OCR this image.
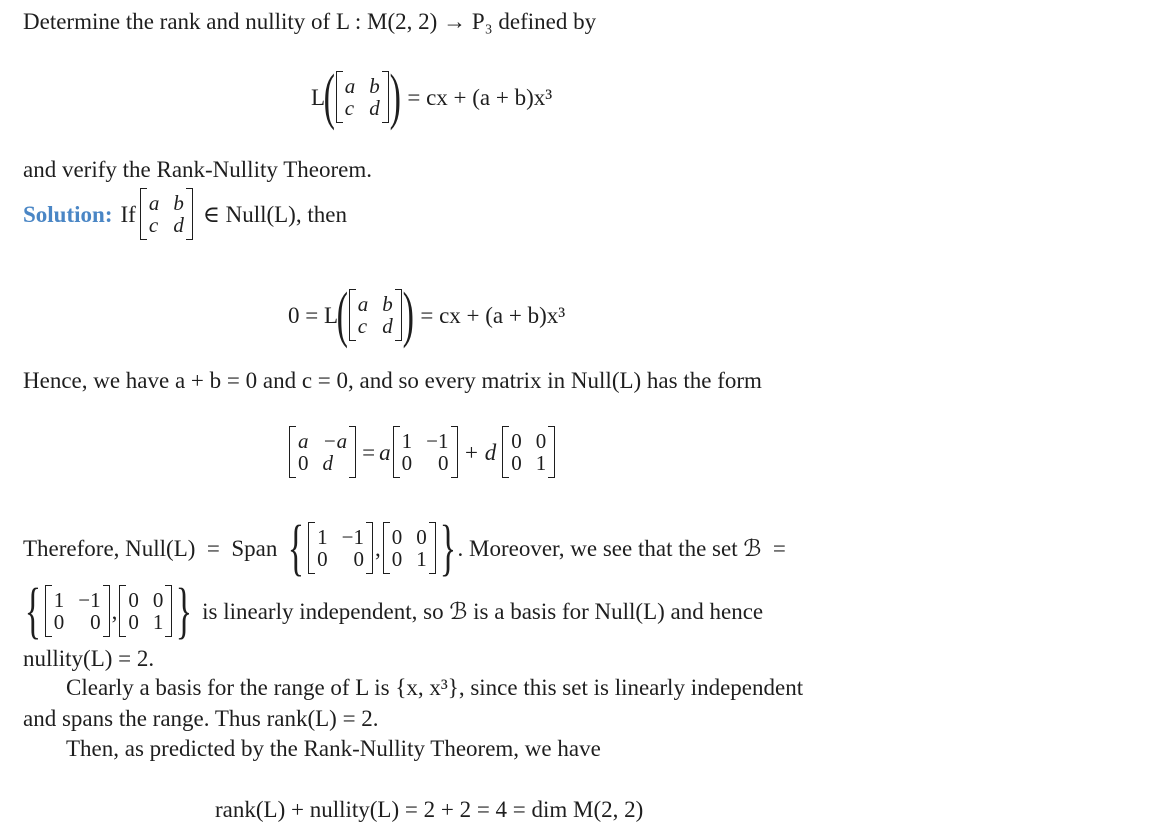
Determine the rank and nullity of L : M(2, 2) → P₃ defined by
L
( a b
c d ) = cx + (a + b)x³
and verify the Rank-Nullity Theorem.
Solution: If a b
c d ∈ Null(L), then
0 = L
( a b
c d ) = cx + (a + b)x³
Hence, we have a + b = 0 and c = 0, and so every matrix in Null(L) has the form
a −a
0 d	= a 1 −1
0	0 + d 0 0
0 1
Therefore, Null(L)  =  Span { 1 −1
0	0 , 0 0
0 1 } . Moreover, we see that the set ℬ  =
{ 1 −1
0	0 , 0 0
0 1 } is linearly independent, so ℬ is a basis for Null(L) and hence
nullity(L) = 2.
Clearly a basis for the range of L is {x, x³}, since this set is linearly independent
and spans the range. Thus rank(L) = 2.
Then, as predicted by the Rank-Nullity Theorem, we have
rank(L) + nullity(L) = 2 + 2 = 4 = dim M(2, 2)
